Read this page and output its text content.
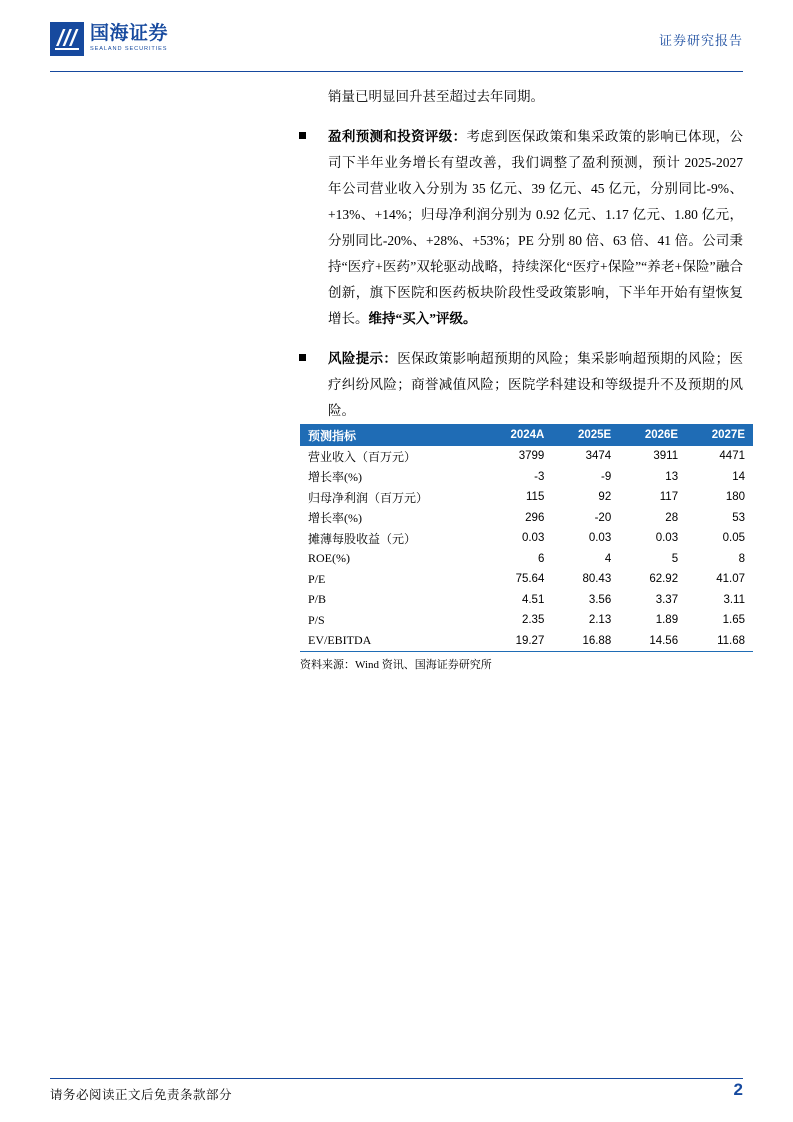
国海证券
SEALAND SECURITIES
证券研究报告
销量已明显回升甚至超过去年同期。
盈利预测和投资评级：考虑到医保政策和集采政策的影响已体现，公司下半年业务增长有望改善，我们调整了盈利预测，预计 2025-2027 年公司营业收入分别为 35 亿元、39 亿元、45 亿元，分别同比-9%、+13%、+14%；归母净利润分别为 0.92 亿元、1.17 亿元、1.80 亿元，分别同比-20%、+28%、+53%；PE 分别 80 倍、63 倍、41 倍。公司秉持“医疗+医药”双轮驱动战略，持续深化“医疗+保险”“养老+保险”融合创新，旗下医院和医药板块阶段性受政策影响，下半年开始有望恢复增长。维持“买入”评级。
风险提示：医保政策影响超预期的风险；集采影响超预期的风险；医疗纠纷风险；商誉减值风险；医院学科建设和等级提升不及预期的风险。
预测指标	2024A	2025E	2026E	2027E
营业收入（百万元）	3799	3474	3911	4471
增长率(%)	-3	-9	13	14
归母净利润（百万元）	115	92	117	180
增长率(%)	296	-20	28	53
摊薄每股收益（元）	0.03	0.03	0.03	0.05
ROE(%)	6	4	5	8
P/E	75.64	80.43	62.92	41.07
P/B	4.51	3.56	3.37	3.11
P/S	2.35	2.13	1.89	1.65
EV/EBITDA	19.27	16.88	14.56	11.68
资料来源：Wind 资讯、国海证券研究所
请务必阅读正文后免责条款部分	2
